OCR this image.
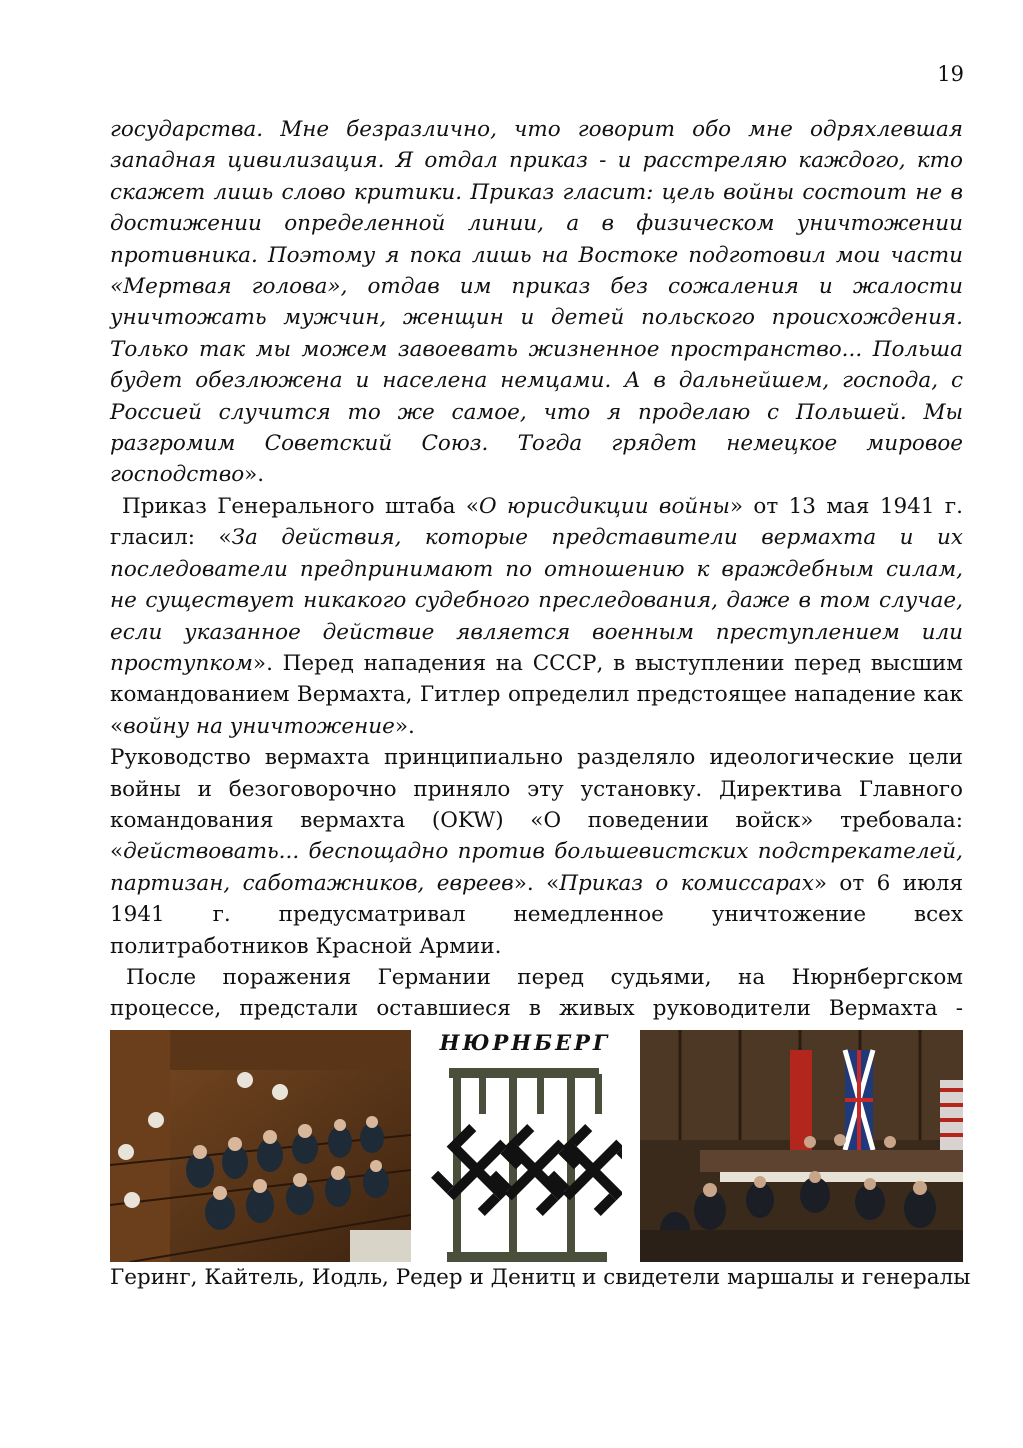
19

государства. Мне безразлично, что говорит обо мне одряхлевшая западная цивилизация. Я отдал приказ - и расстреляю каждого, кто скажет лишь слово критики. Приказ гласит: цель войны состоит не в достижении определенной линии, а в физическом уничтожении противника. Поэтому я пока лишь на Востоке подготовил мои части «Мертвая голова», отдав им приказ без сожаления и жалости уничтожать мужчин, женщин и детей польского происхождения. Только так мы можем завоевать жизненное пространство... Польша будет обезлюжена и населена немцами. А в дальнейшем, господа, с Россией случится то же самое, что я проделаю с Польшей. Мы разгромим Советский Союз. Тогда грядет немецкое мировое господство».

Приказ Генерального штаба «О юрисдикции войны» от 13 мая 1941 г. гласил: «За действия, которые представители вермахта и их последователи предпринимают по отношению к враждебным силам, не существует никакого судебного преследования, даже в том случае, если указанное действие является военным преступлением или проступком». Перед нападения на СССР, в выступлении перед высшим командованием Вермахта, Гитлер определил предстоящее нападение как «войну на уничтожение».

Руководство вермахта принципиально разделяло идеологические цели войны и безоговорочно приняло эту установку. Директива Главного командования вермахта (OKW) «О поведении войск» требовала: «действовать... беспощадно против большевистских подстрекателей, партизан, саботажников, евреев». «Приказ о комиссарах» от 6 июля 1941 г. предусматривал немедленное уничтожение всех политработников Красной Армии.

После поражения Германии перед судьями, на Нюрнбергском процессе, предстали оставшиеся в живых руководители Вермахта -

НЮРНБЕРГ
Геринг, Кайтель, Иодль, Редер и Денитц и свидетели маршалы и генералы
